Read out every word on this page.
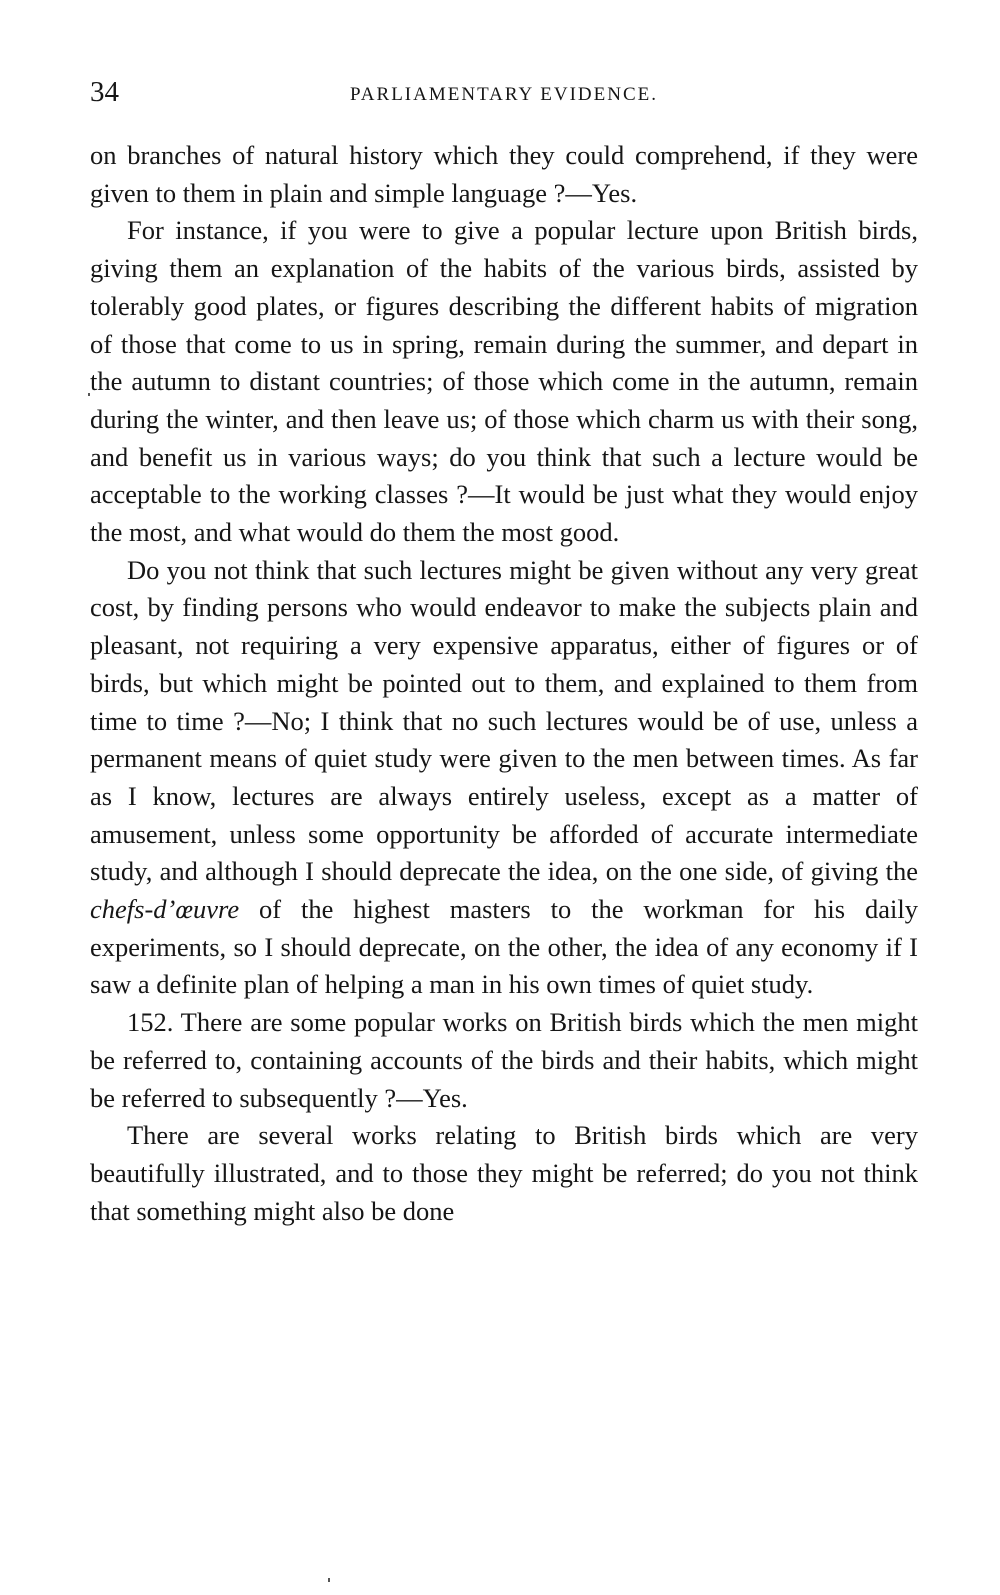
34	PARLIAMENTARY EVIDENCE.

on branches of natural history which they could comprehend, if they were given to them in plain and simple language ?—Yes.

For instance, if you were to give a popular lecture upon British birds, giving them an explanation of the habits of the various birds, assisted by tolerably good plates, or figures describing the different habits of migration of those that come to us in spring, remain during the summer, and depart in the autumn to distant countries; of those which come in the autumn, remain during the winter, and then leave us; of those which charm us with their song, and benefit us in various ways; do you think that such a lecture would be acceptable to the working classes ?—It would be just what they would enjoy the most, and what would do them the most good.

Do you not think that such lectures might be given without any very great cost, by finding persons who would endeavor to make the subjects plain and pleasant, not requiring a very expensive apparatus, either of figures or of birds, but which might be pointed out to them, and explained to them from time to time ?—No; I think that no such lectures would be of use, unless a permanent means of quiet study were given to the men between times. As far as I know, lectures are always entirely useless, except as a matter of amusement, unless some opportunity be afforded of accurate intermediate study, and although I should deprecate the idea, on the one side, of giving the chefs-d’œuvre of the highest masters to the workman for his daily experiments, so I should deprecate, on the other, the idea of any economy if I saw a definite plan of helping a man in his own times of quiet study.

152. There are some popular works on British birds which the men might be referred to, containing accounts of the birds and their habits, which might be referred to subsequently ?—Yes.

There are several works relating to British birds which are very beautifully illustrated, and to those they might be referred; do you not think that something might also be done
